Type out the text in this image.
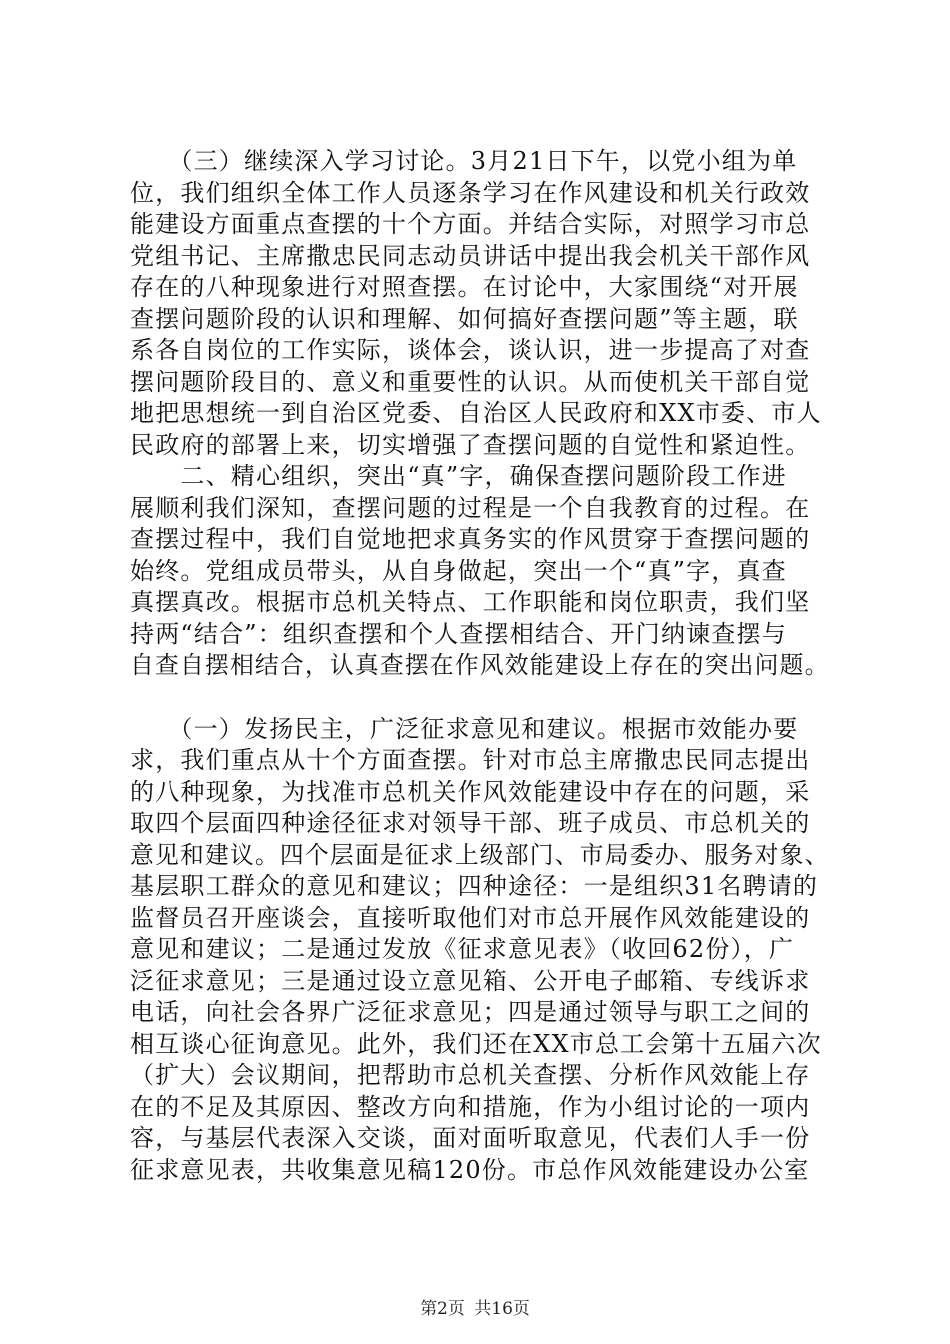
　　（三）继续深入学习讨论。3月21日下午，以党小组为单
位，我们组织全体工作人员逐条学习在作风建设和机关行政效
能建设方面重点查摆的十个方面。并结合实际，对照学习市总
党组书记、主席撒忠民同志动员讲话中提出我会机关干部作风
存在的八种现象进行对照查摆。在讨论中，大家围绕“对开展
查摆问题阶段的认识和理解、如何搞好查摆问题”等主题，联
系各自岗位的工作实际，谈体会，谈认识，进一步提高了对查
摆问题阶段目的、意义和重要性的认识。从而使机关干部自觉
地把思想统一到自治区党委、自治区人民政府和XX市委、市人
民政府的部署上来，切实增强了查摆问题的自觉性和紧迫性。
　　二、精心组织，突出“真”字，确保查摆问题阶段工作进
展顺利我们深知，查摆问题的过程是一个自我教育的过程。在
查摆过程中，我们自觉地把求真务实的作风贯穿于查摆问题的
始终。党组成员带头，从自身做起，突出一个“真”字，真查
真摆真改。根据市总机关特点、工作职能和岗位职责，我们坚
持两“结合”：组织查摆和个人查摆相结合、开门纳谏查摆与
自查自摆相结合，认真查摆在作风效能建设上存在的突出问题。
　　（一）发扬民主，广泛征求意见和建议。根据市效能办要
求，我们重点从十个方面查摆。针对市总主席撒忠民同志提出
的八种现象，为找准市总机关作风效能建设中存在的问题，采
取四个层面四种途径征求对领导干部、班子成员、市总机关的
意见和建议。四个层面是征求上级部门、市局委办、服务对象、
基层职工群众的意见和建议；四种途径：一是组织31名聘请的
监督员召开座谈会，直接听取他们对市总开展作风效能建设的
意见和建议；二是通过发放《征求意见表》（收回62份），广
泛征求意见；三是通过设立意见箱、公开电子邮箱、专线诉求
电话，向社会各界广泛征求意见；四是通过领导与职工之间的
相互谈心征询意见。此外，我们还在XX市总工会第十五届六次
（扩大）会议期间，把帮助市总机关查摆、分析作风效能上存
在的不足及其原因、整改方向和措施，作为小组讨论的一项内
容，与基层代表深入交谈，面对面听取意见，代表们人手一份
征求意见表，共收集意见稿120份。市总作风效能建设办公室
第2页 共16页
